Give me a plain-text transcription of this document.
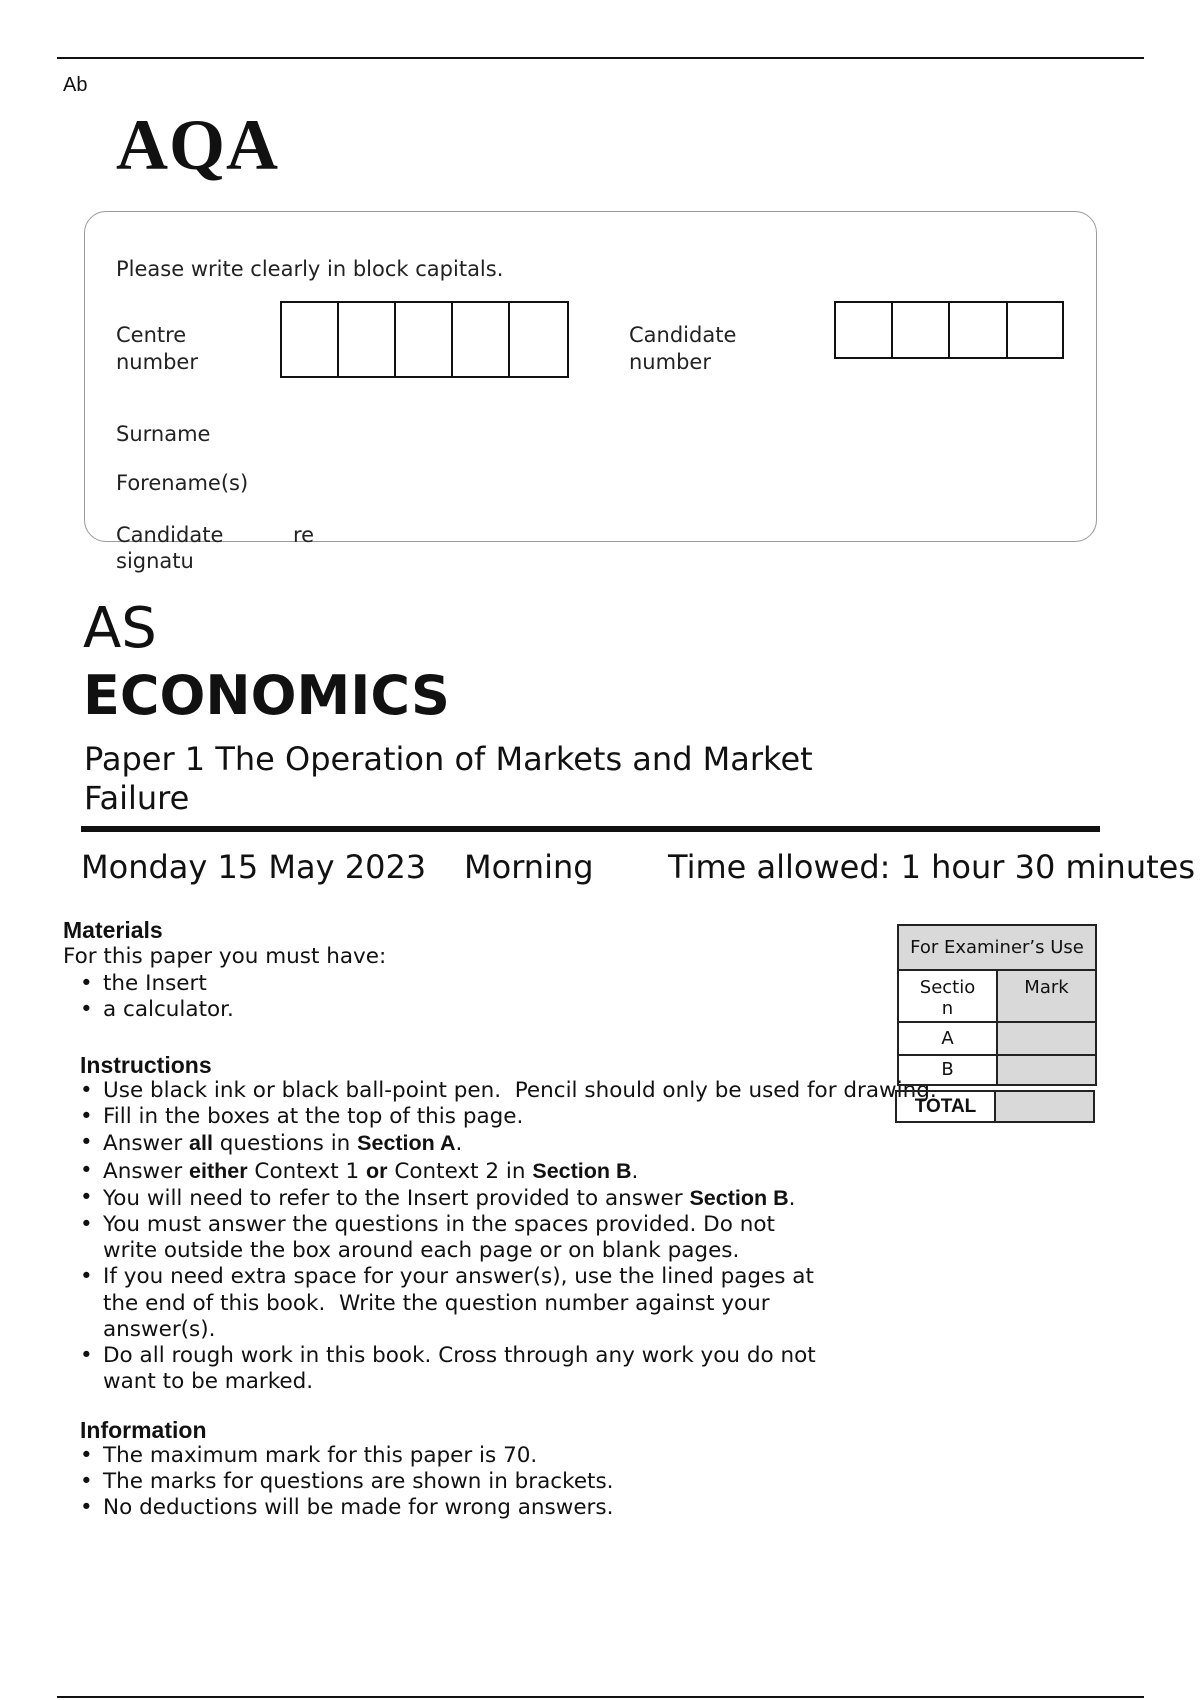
Ab
AQA
Please write clearly in block capitals.
Centre
number
Candidate
number
Surname
Forename(s)
Candidate	re
signatu
AS
ECONOMICS
Paper 1 The Operation of Markets and Market
Failure
Monday 15 May 2023 Morning Time allowed: 1 hour 30 minutes
Materials
For this paper you must have:
• the Insert
• a calculator.
Instructions
• Use black ink or black ball-point pen.  Pencil should only be used for drawing.
• Fill in the boxes at the top of this page.
• Answer all questions in Section A.
• Answer either Context 1 or Context 2 in Section B.
• You will need to refer to the Insert provided to answer Section B.
• You must answer the questions in the spaces provided. Do not
write outside the box around each page or on blank pages.
• If you need extra space for your answer(s), use the lined pages at
the end of this book.  Write the question number against your
answer(s).
• Do all rough work in this book. Cross through any work you do not
want to be marked.
Information
• The maximum mark for this paper is 70.
• The marks for questions are shown in brackets.
• No deductions will be made for wrong answers.
For Examiner’s Use
Sectio
n
Mark
A
B
TOTAL
